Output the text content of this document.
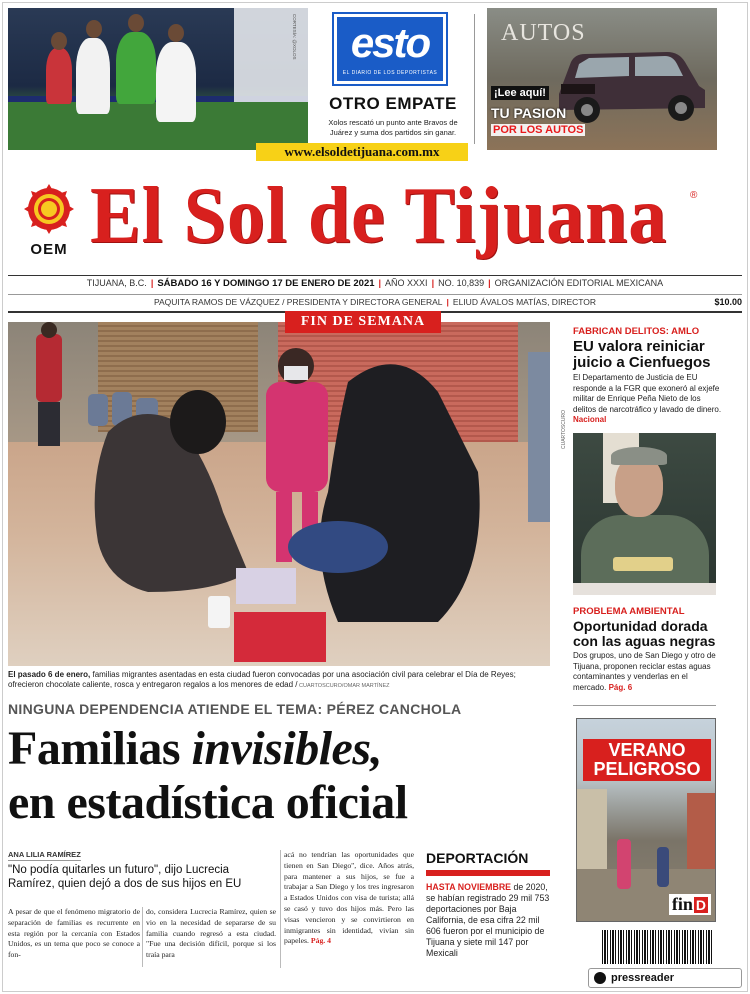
CORTESÍA: @XOLOS	esto
EL DIARIO DE LOS DEPORTISTAS
OTRO EMPATE
Xolos rescató un punto ante Bravos de Juárez y suma dos partidos sin ganar.
AUTOS
¡Lee aquí!
TU PASION
POR LOS AUTOS
www.elsoldetijuana.com.mx
OEM El Sol de Tijuana	®
TIJUANA, B.C. | SÁBADO 16 Y DOMINGO 17 DE ENERO DE 2021 | AÑO XXXI | NO. 10,839 | ORGANIZACIÓN EDITORIAL MEXICANA
PAQUITA RAMOS DE VÁZQUEZ / PRESIDENTA Y DIRECTORA GENERAL | ELIUD ÁVALOS MATÍAS, DIRECTOR	$10.00
FIN DE SEMANA
El pasado 6 de enero, familias migrantes asentadas en esta ciudad fueron convocadas por una asociación civil para celebrar el Día de Reyes; ofrecieron chocolate caliente, rosca y entregaron regalos a los menores de edad / CUARTOSCURO/OMAR MARTÍNEZ
NINGUNA DEPENDENCIA ATIENDE EL TEMA: PÉREZ CANCHOLA
Familias invisibles,
en estadística oficial
ANA LILIA RAMÍREZ
"No podía quitarles un futuro", dijo Lucrecia Ramírez, quien dejó a dos de sus hijos en EU
A pesar de que el fenómeno migratorio de separación de familias es recurrente en esta región por la cercanía con Estados Unidos, es un tema que poco se conoce a fon-
do, considera Lucrecia Ramírez, quien se vio en la necesidad de separarse de su familia cuando regresó a esta ciudad. "Fue una decisión difícil, porque si los traía para
acá no tendrían las oportunidades que tienen en San Diego", dice. Años atrás, para mantener a sus hijos, se fue a trabajar a San Diego y los tres ingresaron a Estados Unidos con visa de turista; allá se casó y tuvo dos hijos más. Pero las visas vencieron y se convirtieron en inmigrantes sin identidad, vivían sin papeles. Pág. 4
DEPORTACIÓN
HASTA NOVIEMBRE de 2020, se habían registrado 29 mil 753 deportaciones por Baja California, de esa cifra 22 mil 606 fueron por el municipio de Tijuana y siete mil 147 por Mexicali
FABRICAN DELITOS: AMLO
EU valora reiniciar juicio a Cienfuegos
El Departamento de Justicia de EU responde a la FGR que exoneró al exjefe militar de Enrique Peña Nieto de los delitos de narcotráfico y lavado de dinero. Nacional
CUARTOSCURO
PROBLEMA AMBIENTAL
Oportunidad dorada con las aguas negras
Dos grupos, uno de San Diego y otro de Tijuana, proponen reciclar estas aguas contaminantes y venderlas en el mercado. Pág. 6
VERANO PELIGROSO
fin D
pressreader
